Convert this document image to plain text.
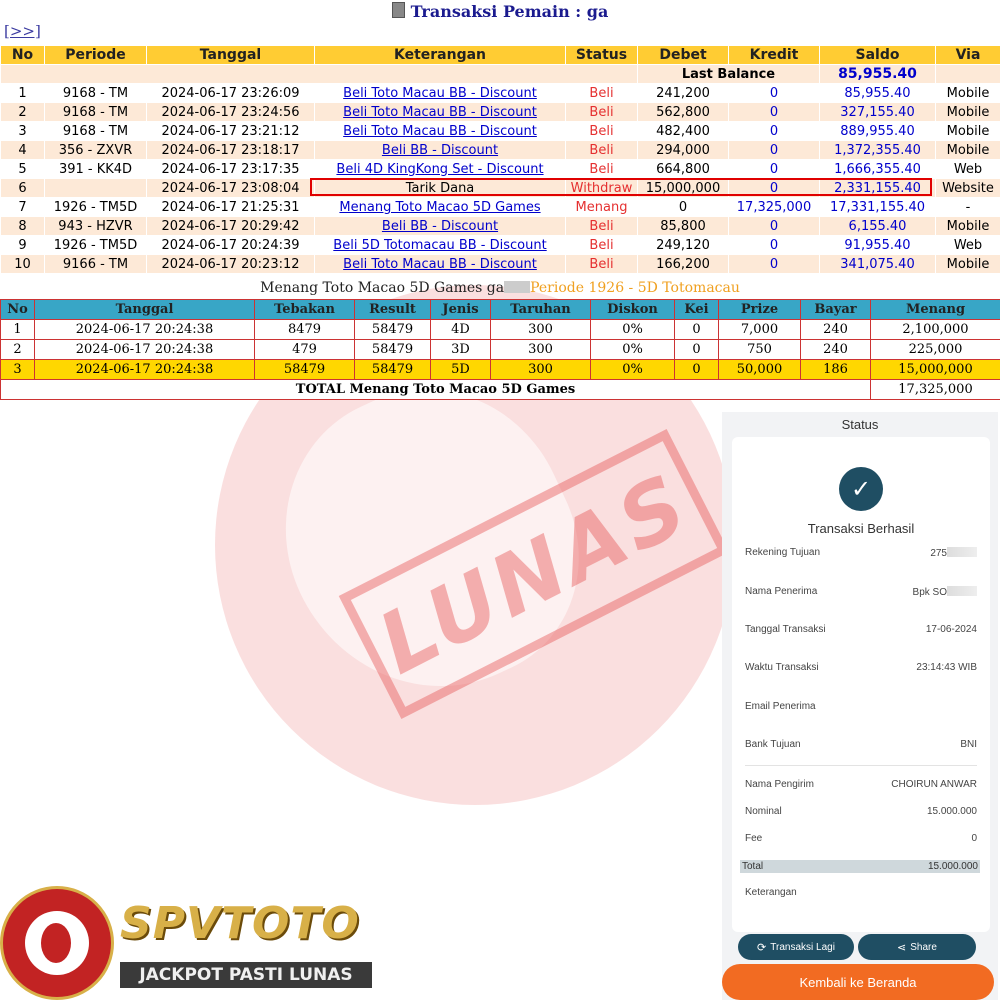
LUNAS
Transaksi Pemain : ga
[>>]
No	Periode	Tanggal	Keterangan	Status	Debet	Kredit	Saldo	Via
					Last Balance		85,955.40	
1	9168 - TM	2024-06-17 23:26:09	Beli Toto Macau BB - Discount	Beli	241,200	0	85,955.40	Mobile
2	9168 - TM	2024-06-17 23:24:56	Beli Toto Macau BB - Discount	Beli	562,800	0	327,155.40	Mobile
3	9168 - TM	2024-06-17 23:21:12	Beli Toto Macau BB - Discount	Beli	482,400	0	889,955.40	Mobile
4	356 - ZXVR	2024-06-17 23:18:17	Beli BB - Discount	Beli	294,000	0	1,372,355.40	Mobile
5	391 - KK4D	2024-06-17 23:17:35	Beli 4D KingKong Set - Discount	Beli	664,800	0	1,666,355.40	Web
6		2024-06-17 23:08:04	Tarik Dana	Withdraw	15,000,000	0	2,331,155.40	Website
7	1926 - TM5D	2024-06-17 21:25:31	Menang Toto Macao 5D Games	Menang	0	17,325,000	17,331,155.40	-
8	943 - HZVR	2024-06-17 20:29:42	Beli BB - Discount	Beli	85,800	0	6,155.40	Mobile
9	1926 - TM5D	2024-06-17 20:24:39	Beli 5D Totomacau BB - Discount	Beli	249,120	0	91,955.40	Web
10	9166 - TM	2024-06-17 20:23:12	Beli Toto Macau BB - Discount	Beli	166,200	0	341,075.40	Mobile
Menang Toto Macao 5D Games ga Periode 1926 - 5D Totomacau
No	Tanggal	Tebakan	Result	Jenis	Taruhan	Diskon	Kei	Prize	Bayar	Menang
1	2024-06-17 20:24:38	8479	58479	4D	300	0%	0	7,000	240	2,100,000
2	2024-06-17 20:24:38	479	58479	3D	300	0%	0	750	240	225,000
3	2024-06-17 20:24:38	58479	58479	5D	300	0%	0	50,000	186	15,000,000
TOTAL Menang Toto Macao 5D Games										17,325,000
Status
✓
Transaksi Berhasil
Rekening Tujuan	275
Nama Penerima	Bpk SO
Tanggal Transaksi	17-06-2024
Waktu Transaksi	23:14:43 WIB
Email Penerima
Bank Tujuan	BNI
Nama Pengirim	CHOIRUN ANWAR
Nominal	15.000.000
Fee	0
Total	15.000.000
Keterangan
⟳ Transaksi Lagi	⋖ Share
Kembali ke Beranda
SPVTOTO
JACKPOT PASTI LUNAS
